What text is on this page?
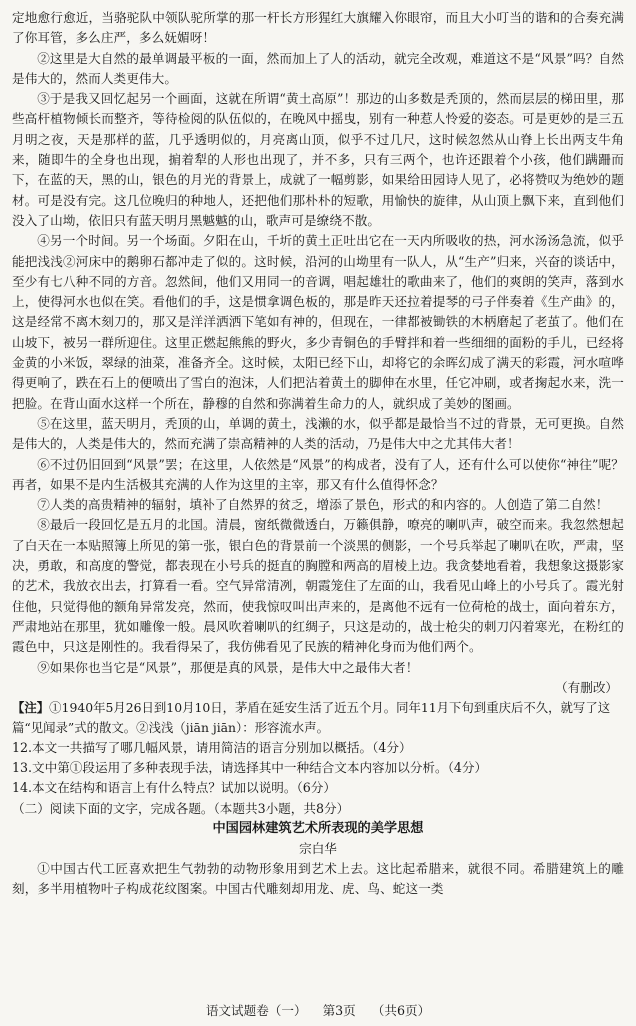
定地愈行愈近，当骆驼队中领队驼所掌的那一杆长方形猩红大旗耀入你眼帘，而且大小叮当的谐和的合奏充满了你耳管，多么庄严，多么妩媚呀！

②这里是大自然的最单调最平板的一面，然而加上了人的活动，就完全改观，难道这不是“风景”吗？自然是伟大的，然而人类更伟大。

③于是我又回忆起另一个画面，这就在所谓“黄土高原”！那边的山多数是秃顶的，然而层层的梯田里，那些高杆植物倾长而整齐，等待检阅的队伍似的，在晚风中摇曳，别有一种惹人怜爱的姿态。可是更妙的是三五月明之夜，天是那样的蓝，几乎透明似的，月亮离山顶，似乎不过几尺，这时候忽然从山脊上长出两支牛角来，随即牛的全身也出现，掮着犁的人形也出现了，并不多，只有三两个，也许还跟着个小孩，他们蹒跚而下，在蓝的天，黑的山，银色的月光的背景上，成就了一幅剪影，如果给田园诗人见了，必将赞叹为绝妙的题材。可是没有完。这几位晚归的种地人，还把他们那朴朴的短歌，用愉快的旋律，从山顶上飘下来，直到他们没入了山坳，依旧只有蓝天明月黑魆魆的山，歌声可是缭绕不散。

④另一个时间。另一个场面。夕阳在山，千圻的黄土正吐出它在一天内所吸收的热，河水汤汤急流，似乎能把浅浅②河床中的鹅卵石都冲走了似的。这时候，沿河的山坳里有一队人，从“生产”归来，兴奋的谈话中，至少有七八种不同的方音。忽然间，他们又用同一的音调，唱起雄壮的歌曲来了，他们的爽朗的笑声，落到水上，使得河水也似在笑。看他们的手，这是惯拿调色板的，那是昨天还拉着提琴的弓子伴奏着《生产曲》的，这是经常不离木刻刀的，那又是洋洋洒洒下笔如有神的，但现在，一律都被锄铁的木柄磨起了老茧了。他们在山坡下，被另一群所迎住。这里正燃起熊熊的野火，多少青铜色的手臂拌和着一些细细的面粉的手儿，已经将金黄的小米饭，翠绿的油菜，准备齐全。这时候，太阳已经下山，却将它的余晖幻成了满天的彩霞，河水喧哗得更响了，跌在石上的便喷出了雪白的泡沫，人们把沾着黄土的脚伸在水里，任它冲刷，或者掬起水来，洗一把脸。在背山面水这样一个所在，静穆的自然和弥满着生命力的人，就织成了美妙的图画。

⑤在这里，蓝天明月，秃顶的山，单调的黄土，浅濑的水，似乎都是最恰当不过的背景，无可更换。自然是伟大的，人类是伟大的，然而充满了崇高精神的人类的活动，乃是伟大中之尤其伟大者！

⑥不过仍旧回到“风景”罢；在这里，人依然是“风景”的构成者，没有了人，还有什么可以使你“神往”呢？再者，如果不是内生活极其充满的人作为这里的主宰，那又有什么值得怀念？

⑦人类的高贵精神的辐射，填补了自然界的贫乏，增添了景色，形式的和内容的。人创造了第二自然！

⑧最后一段回忆是五月的北国。清晨，窗纸微微透白，万籁俱静，嘹亮的喇叭声，破空而来。我忽然想起了白天在一本贴照簿上所见的第一张，银白色的背景前一个淡黑的侧影，一个号兵举起了喇叭在吹，严肃，坚决，勇敢，和高度的警觉，都表现在小号兵的挺直的胸膛和两高的眉棱上边。我贪婪地看着，我想象这摄影家的艺术，我放衣出去，打算看一看。空气异常清冽，朝霞笼住了左面的山，我看见山峰上的小号兵了。霞光射住他，只觉得他的额角异常发亮，然而，使我惊叹叫出声来的，是离他不远有一位荷枪的战士，面向着东方，严肃地站在那里，犹如雕像一般。晨风吹着喇叭的红绸子，只这是动的，战士枪尖的刺刀闪着寒光，在粉红的霞色中，只这是刚性的。我看得呆了，我仿佛看见了民族的精神化身而为他们两个。

⑨如果你也当它是“风景”，那便是真的风景，是伟大中之最伟大者！

（有删改）

【注】①1940年5月26日到10月10日，茅盾在延安生活了近五个月。同年11月下旬到重庆后不久，就写了这篇“见闻录”式的散文。②浅浅（jiān jiān）：形容流水声。

12.本文一共描写了哪几幅风景，请用简洁的语言分别加以概括。（4分）

13.文中第①段运用了多种表现手法，请选择其中一种结合文本内容加以分析。（4分）

14.本文在结构和语言上有什么特点？试加以说明。（6分）

（二）阅读下面的文字，完成各题。（本题共3小题，共8分）

中国园林建筑艺术所表现的美学思想

宗白华

①中国古代工匠喜欢把生气勃勃的动物形象用到艺术上去。这比起希腊来，就很不同。希腊建筑上的雕刻，多半用植物叶子构成花纹图案。中国古代雕刻却用龙、虎、鸟、蛇这一类

语文试题卷（一） 第3页 （共6页）
